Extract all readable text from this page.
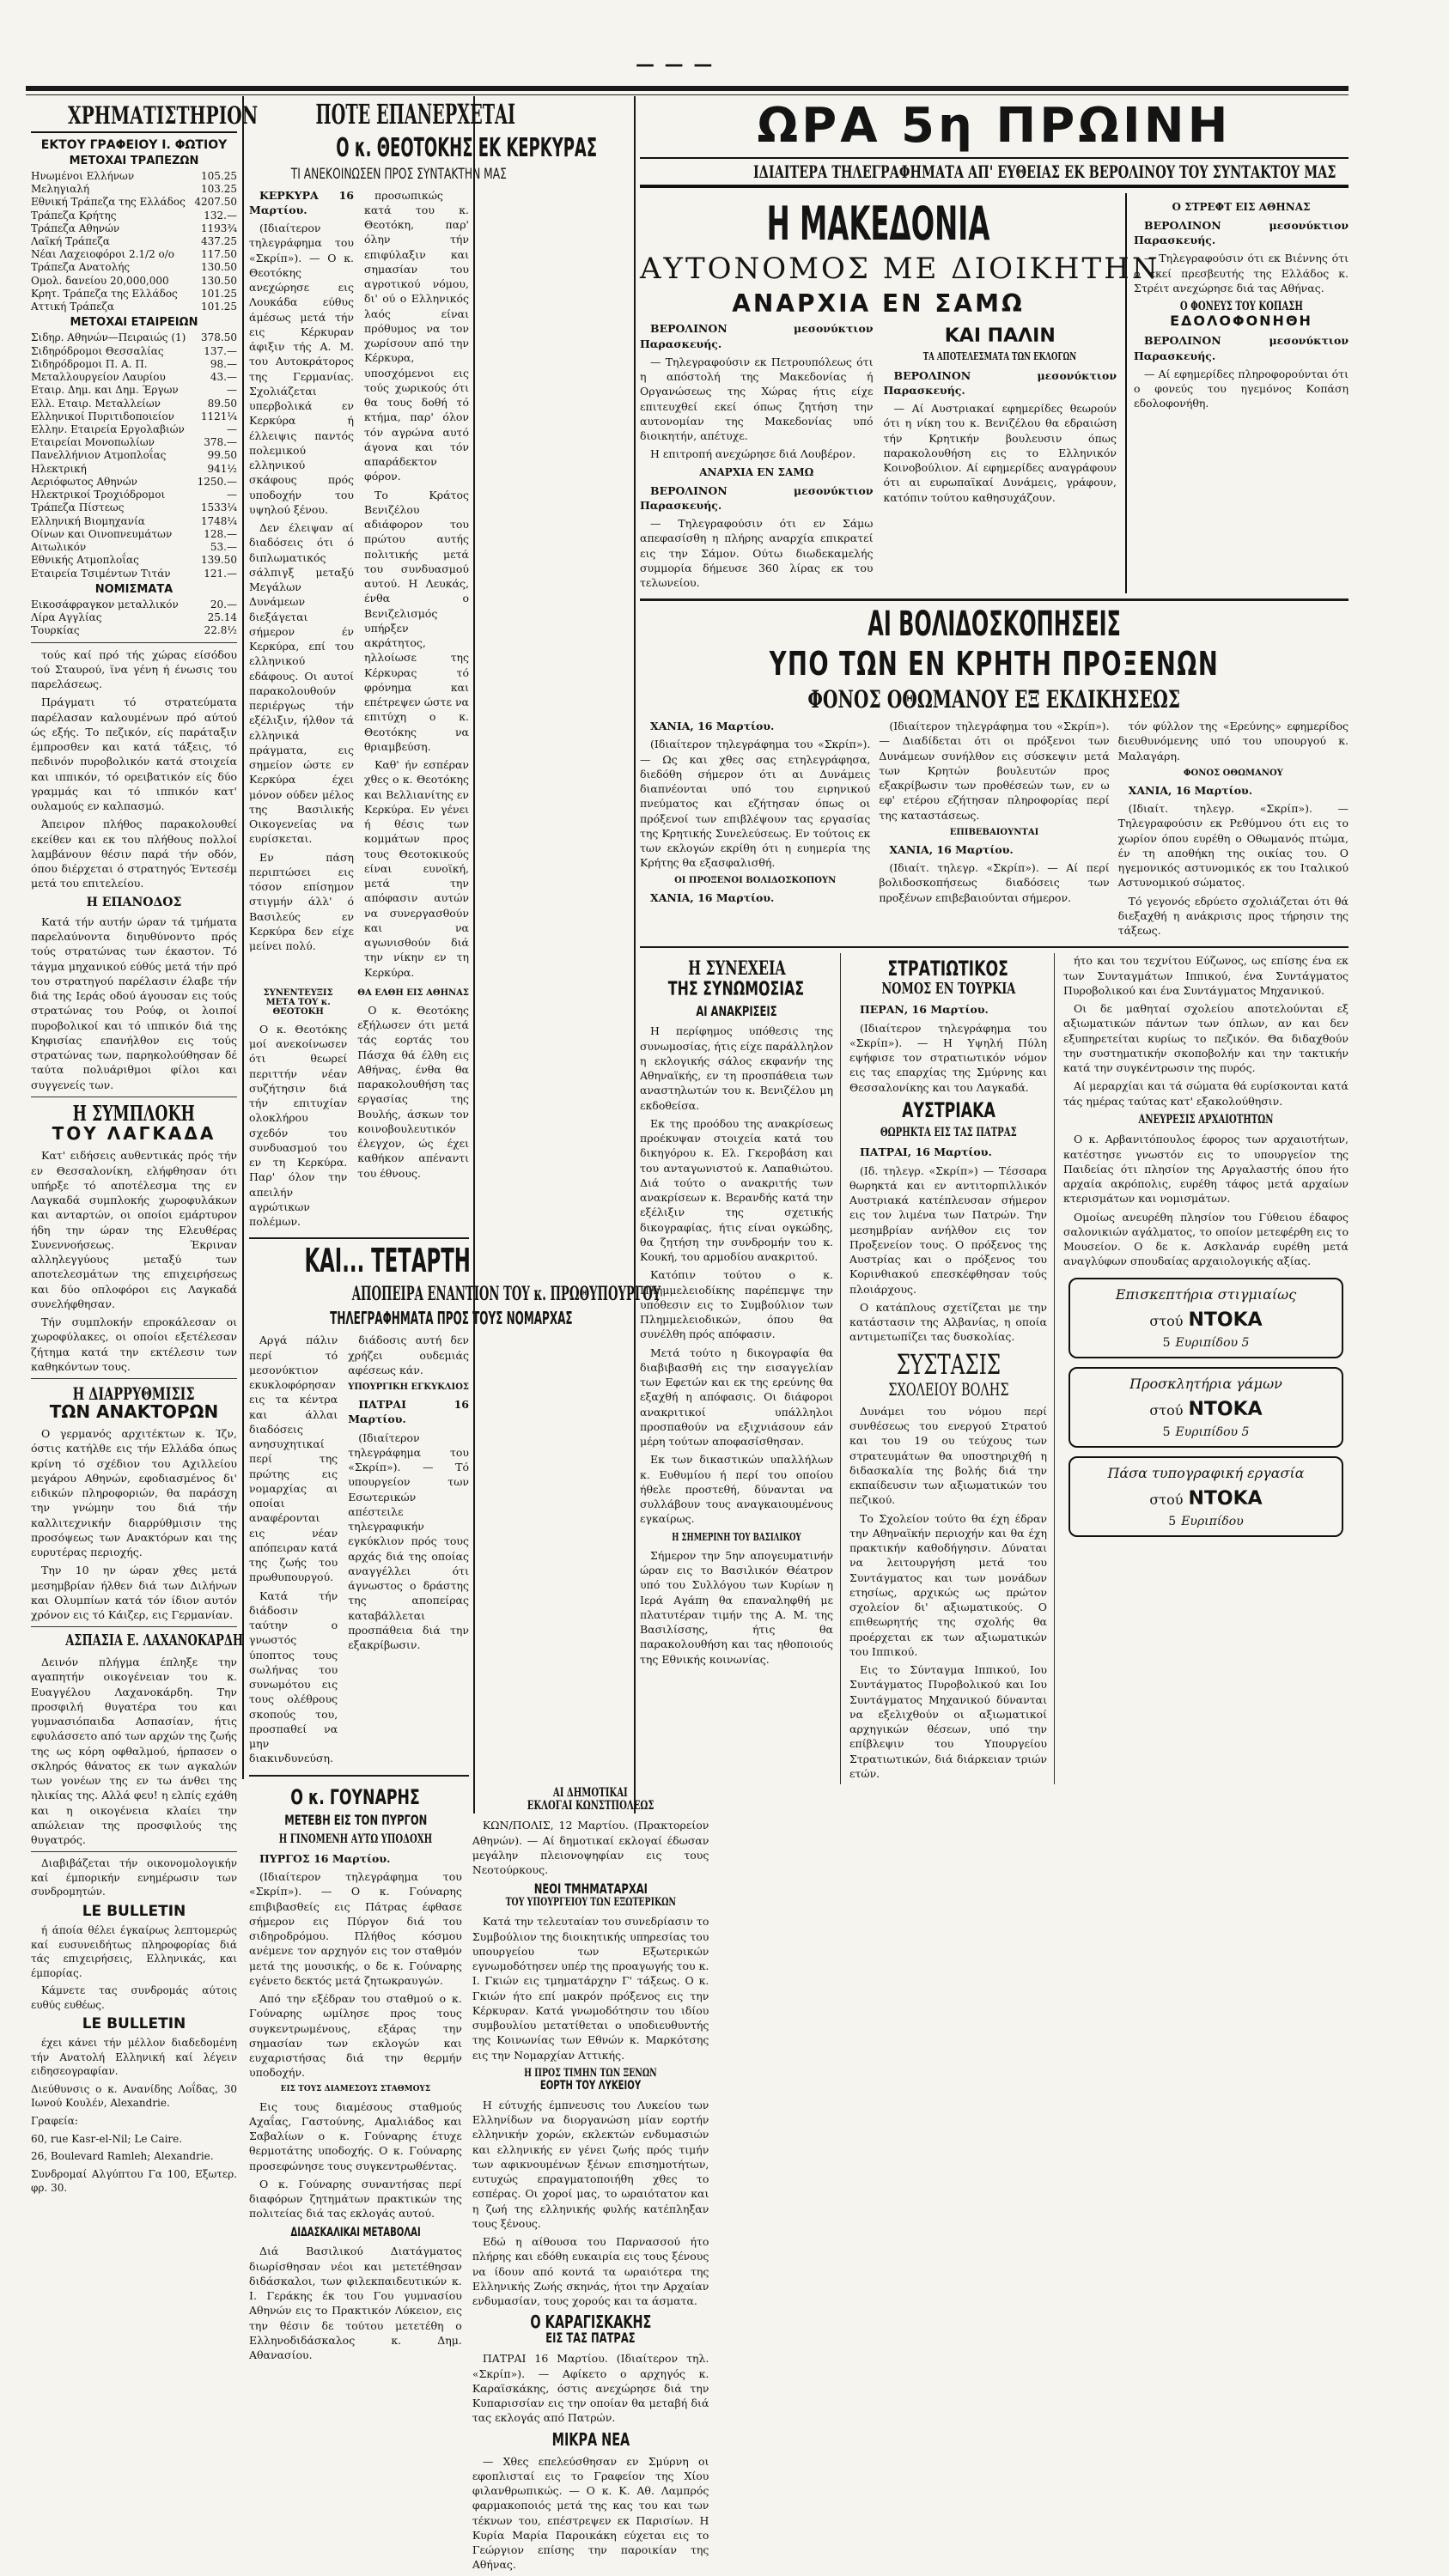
— — —
ΧΡΗΜΑΤΙΣΤΗΡΙΟΝ
ΕΚΤΟΥ ΓΡΑΦΕΙΟΥ Ι. ΦΩΤΙΟΥ
ΜΕΤΟΧΑΙ ΤΡΑΠΕΖΩΝ
Ηνωμένοι Ελλήνων	105.25
Μεληγιαλή	103.25
Εθνική Τράπεζα της Ελλάδος 4207.50
Τράπεζα Κρήτης	132.—
Τράπεζα Αθηνών	1193¾
Λαϊκή Τράπεζα	437.25
Νέαι Λαχειοφόροι 2.1/2 ο/ο	117.50
Τράπεζα Ανατολής	130.50
Ομολ. δανείου 20,000,000	130.50
Κρητ. Τράπεζα της Ελλάδος 101.25
Αττική Τράπεζα	101.25
ΜΕΤΟΧΑΙ ΕΤΑΙΡΕΙΩΝ
Σιδηρ. Αθηνών—Πειραιώς (1) 378.50
Σιδηρόδρομοι Θεσσαλίας	137.—
Σιδηρόδρομοι Π. Α. Π.	98.—
Μεταλλουργείον Λαυρίου	43.—
Εταιρ. Δημ. και Δημ. Έργων	—
Ελλ. Εταιρ. Μεταλλείων	89.50
Ελληνικοί Πυριτιδοποιείον	1121¼
Ελλην. Εταιρεία Εργολαβιών	—
Εταιρείαι Μονοπωλίων	378.—
Πανελλήνιον Ατμοπλοΐας	99.50
Ηλεκτρική	941½
Αεριόφωτος Αθηνών	1250.—
Ηλεκτρικοί Τροχιόδρομοι	—
Τράπεζα Πίστεως	1533¼
Ελληνική Βιομηχανία	1748¼
Οίνων και Οινοπνευμάτων	128.—
Αιτωλικόν	53.—
Εθνικής Ατμοπλοΐας	139.50
Εταιρεία Τσιμέντων Τιτάν	121.—
ΝΟΜΙΣΜΑΤΑ
Εικοσάφραγκον μεταλλικόν	20.—
Λίρα Αγγλίας	25.14
Τουρκίας	22.8½

τούς καί πρό τής χώρας είσόδου τού Σταυρού, ϊνα γένη ή ένωσις του παρελάσεως.

Πράγματι τό στρατεύματα παρέλασαν καλουμένων πρό αύτού ώς εξής. Το πεζικόν, είς παράταξιν έμπροσθεν και κατά τάξεις, τό πεδινόν πυροβολικόν κατά στοιχεία και ιππικόν, τό ορειβατικόν είς δύο γραμμάς και τό ιππικόν κατ' ουλαμούς εν καλπασμώ.

Άπειρον πλήθος παρακολουθεί εκείθεν και εκ του πλήθους πολλοί λαμβάνουν θέσιν παρά τήν οδόν, όπου διέρχεται ό στρατηγός Έντεσέμ μετά του επιτελείου.

Η ΕΠΑΝΟΔΟΣ

Κατά τήν αυτήν ώραν τά τμήματα παρελαύνοντα διηυθύνοντο πρός τούς στρατώνας των έκαστον. Τό τάγμα μηχανικού εύθύς μετά τήν πρό του στρατηγού παρέλασιν έλαβε τήν διά της Ιεράς οδού άγουσαν εις τούς στρατώνας του Ρούφ, οι λοιποί πυροβολικοί και τό ιππικόν διά της Κηφισίας επανήλθον εις τούς στρατώνας των, παρηκολούθησαν δέ ταύτα πολυάριθμοι φίλοι και συγγενείς των.

Η ΣΥΜΠΛΟΚΗ
ΤΟΥ ΛΑΓΚΑΔΑ

Κατ' ειδήσεις αυθεντικάς πρός τήν εν Θεσσαλονίκη, ελήφθησαν ότι υπήρξε τό αποτέλεσμα της εν Λαγκαδά συμπλοκής χωροφυλάκων και ανταρτών, οι οποίοι εμάρτυρον ήδη την ώραν της Ελευθέρας Συνεννοήσεως. Έκριναν αλληλεγγύους μεταξύ των αποτελεσμάτων της επιχειρήσεως και δύο οπλοφόροι εις Λαγκαδά συνελήφθησαν.

Τήν συμπλοκήν επροκάλεσαν οι χωροφύλακες, οι οποίοι εξετέλεσαν ζήτημα κατά την εκτέλεσιν των καθηκόντων τους.

Η ΔΙΑΡΡΥΘΜΙΣΙΣ
ΤΩΝ ΑΝΑΚΤΟΡΩΝ

Ο γερμανός αρχιτέκτων κ. Ίζν, όστις κατήλθε εις τήν Ελλάδα όπως κρίνη τό σχέδιον του Αχιλλείου μεγάρου Αθηνών, εφοδιασμένος δι' ειδικών πληροφοριών, θα παράσχη την γνώμην του διά τήν καλλιτεχνικήν διαρρύθμισιν της προσόψεως των Ανακτόρων και της ευρυτέρας περιοχής.

Την 10 ην ώραν χθες μετά μεσημβρίαν ήλθεν διά των Διλήνων και Ολυμπίων κατά τόν ίδιον αυτόν χρόνον εις τό Κάιζερ, εις Γερμανίαν.

ΑΣΠΑΣΙΑ Ε. ΛΑΧΑΝΟΚΑΡΔΗ

Δεινόν πλήγμα έπληξε την αγαπητήν οικογένειαν του κ. Ευαγγέλου Λαχανοκάρδη. Την προσφιλή θυγατέρα του και γυμνασιόπαιδα Ασπασίαν, ήτις εφυλάσσετο από των αρχών της ζωής της ως κόρη οφθαλμού, ήρπασεν ο σκληρός θάνατος εκ των αγκαλών των γονέων της εν τω άνθει της ηλικίας της. Αλλά φευ! η ελπίς εχάθη και η οικογένεια κλαίει την απώλειαν της προσφιλούς της θυγατρός.

Διαβιβάζεται τήν οικονομολογικήν καί έμπορικήν ενημέρωσιν των συνδρομητών.

LE BULLETIN

ή άποία θέλει έγκαίρως λεπτομερώς καί ευσυνειδήτως πληροφορίας διά τάς επιχειρήσεις, Ελληνικάς, και έμπορίας.

Κάμνετε τας συνδρομάς αύτοις ευθύς ευθέως.

LE BULLETIN

έχει κάνει τήν μέλλον διαδεδομένη τήν Ανατολή Ελληνική καί λέγειν ειδησεογραφίαν.

Διεύθυνσις ο κ. Ανανίδης Λοΐδας, 30 Ιωνού Κουλέν, Alexandrie.

Γραφεία:

60, rue Kasr-el-Nil; Le Caire.

26, Boulevard Ramleh; Alexandrie.

Συνδρομαί Αλγύπτου Γα 100, Εξωτερ. φρ. 30.

ΠΟΤΕ ΕΠΑΝΕΡΧΕΤΑΙ
Ο κ. ΘΕΟΤΟΚΗΣ ΕΚ ΚΕΡΚΥΡΑΣ
ΤΙ ΑΝΕΚΟΙΝΩΣΕΝ ΠΡΟΣ ΣΥΝΤΑΚΤΗΝ ΜΑΣ

ΚΕΡΚΥΡΑ 16 Μαρτίου.

(Ιδιαίτερον τηλεγράφημα του «Σκρίπ»). — Ο κ. Θεοτόκης ανεχώρησε εις Λουκάδα εύθυς άμέσως μετά τήν εις Κέρκυραν άφιξιν τής Α. Μ. του Αυτοκράτορος της Γερμανίας. Σχολιάζεται υπερβολικά εν Κερκύρα ή έλλειψις παντός πολεμικού ελληνικού σκάφους πρός υποδοχήν του υψηλού ξένου.

Δεν έλειψαν αί διαδόσεις ότι ό διπλωματικός σάλπιγξ μεταξύ Μεγάλων Δυνάμεων διεξάγεται σήμερον έν Κερκύρα, επί του ελληνικού εδάφους. Οι αυτοί παρακολουθούν περιέργως τήν εξέλιξιν, ήλθον τά ελληνικά πράγματα, εις σημείον ώστε εν Κερκύρα έχει μόνον ούδεν μέλος της Βασιλικής Οικογενείας να ευρίσκεται.

Εν πάση περιπτώσει εις τόσον επίσημον στιγμήν άλλ' ό Βασιλεύς εν Κερκύρα δεν είχε μείνει πολύ.

προσωπικώς κατά του κ. Θεοτόκη, παρ' όλην τήν επιφύλαξιν και σημασίαν του αγροτικού νόμου, δι' ού ο Ελληνικός λαός είναι πρόθυμος να τον χωρίσουν από την Κέρκυρα, υποσχόμενοι εις τούς χωρικούς ότι θα τους δοθή τό κτήμα, παρ' όλον τόν αγρώνα αυτό άγονα και τόν απαράδεκτον φόρον.

Το Κράτος Βενιζέλου αδιάφορον του πρώτου αυτής πολιτικής μετά του συνδυασμού αυτού. Η Λευκάς, ένθα ο Βενιζελισμός υπήρξεν ακράτητος, ηλλοίωσε της Κέρκυρας τό φρόνημα και επέτρεψεν ώστε να επιτύχη ο κ. Θεοτόκης να θριαμβεύση.

Καθ' ήν εσπέραν χθες ο κ. Θεοτόκης και Βελλιανίτης εν Κερκύρα. Εν γένει ή θέσις των κομμάτων προς τους Θεοτοκικούς είναι ευνοϊκή, μετά την απόφασιν αυτών να συνεργασθούν και να αγωνισθούν διά την νίκην εν τη Κερκύρα.

ΣΥΝΕΝΤΕΥΞΙΣ ΜΕΤΑ ΤΟΥ κ. ΘΕΟΤΟΚΗ

Ο κ. Θεοτόκης μοί ανεκοίνωσεν ότι θεωρεί περιττήν νέαν συζήτησιν διά τήν επιτυχίαν ολοκλήρου σχεδόν του συνδυασμού του εν τη Κερκύρα. Παρ' όλον την απειλήν αγρώτικων πολέμων.

ΘΑ ΕΛΘΗ ΕΙΣ ΑΘΗΝΑΣ

Ο κ. Θεοτόκης εξήλωσεν ότι μετά τάς εορτάς του Πάσχα θά έλθη εις Αθήνας, ένθα θα παρακολουθήση τας εργασίας της Βουλής, άσκων τον κοινοβουλευτικόν έλεγχον, ώς έχει καθήκον απέναντι του έθνους.

ΚΑΙ... ΤΕΤΑΡΤΗ
ΑΠΟΠΕΙΡΑ ΕΝΑΝΤΙΟΝ ΤΟΥ κ. ΠΡΩΘΥΠΟΥΡΓΟΥ
ΤΗΛΕΓΡΑΦΗΜΑΤΑ ΠΡΟΣ ΤΟΥΣ ΝΟΜΑΡΧΑΣ

Αργά πάλιν περί τό μεσονύκτιον εκυκλοφόρησαν εις τα κέντρα και άλλαι διαδόσεις ανησυχητικαί περί της πρώτης εις νομαρχίας αι οποίαι αναφέρονται εις νέαν απόπειραν κατά της ζωής του πρωθυπουργού.

Κατά τήν διάδοσιν ταύτην ο γνωστός ύποπτος τους σωλήνας του συνωμότου εις τους ολέθρους σκοπούς του, προσπαθεί να μην διακινδυνεύση.

διάδοσις αυτή δεν χρήζει ουδεμιάς αφέσεως κάν.

ΥΠΟΥΡΓΙΚΗ ΕΓΚΥΚΛΙΟΣ

ΠΑΤΡΑΙ 16 Μαρτίου.

(Ιδιαίτερον τηλεγράφημα του «Σκρίπ»). — Τό υπουργείον των Εσωτερικών απέστειλε τηλεγραφικήν εγκύκλιον πρός τους αρχάς διά της οποίας αναγγέλλει ότι άγνωστος ο δράστης της αποπείρας καταβάλλεται προσπάθεια διά την εξακρίβωσιν.

Ο κ. ΓΟΥΝΑΡΗΣ
ΜΕΤΕΒΗ ΕΙΣ ΤΟΝ ΠΥΡΓΟΝ
Η ΓΙΝΟΜΕΝΗ ΑΥΤΩ ΥΠΟΔΟΧΗ

ΠΥΡΓΟΣ 16 Μαρτίου.

(Ιδιαίτερον τηλεγράφημα του «Σκρίπ»). — Ο κ. Γούναρης επιβιβασθείς εις Πάτρας έφθασε σήμερον εις Πύργον διά του σιδηροδρόμου. Πλήθος κόσμου ανέμενε τον αρχηγόν εις τον σταθμόν μετά της μουσικής, ο δε κ. Γούναρης εγένετο δεκτός μετά ζητωκραυγών.

Από την εξέδραν του σταθμού ο κ. Γούναρης ωμίλησε προς τους συγκεντρωμένους, εξάρας την σημασίαν των εκλογών και ευχαριστήσας διά την θερμήν υποδοχήν.

ΕΙΣ ΤΟΥΣ ΔΙΑΜΕΣΟΥΣ ΣΤΑΘΜΟΥΣ

Εις τους διαμέσους σταθμούς Αχαΐας, Γαστούνης, Αμαλιάδος και Σαβαλίων ο κ. Γούναρης έτυχε θερμοτάτης υποδοχής. Ο κ. Γούναρης προσεφώνησε τους συγκεντρωθέντας.

Ο κ. Γούναρης συναντήσας περί διαφόρων ζητημάτων πρακτικών της πολιτείας διά τας εκλογάς αυτού.

ΔΙΔΑΣΚΑΛΙΚΑΙ ΜΕΤΑΒΟΛΑΙ

Διά Βασιλικού Διατάγματος διωρίσθησαν νέοι και μετετέθησαν διδάσκαλοι, των φιλεκπαιδευτικών κ. Ι. Γεράκης έκ του Γου γυμνασίου Αθηνών εις το Πρακτικόν Λύκειον, εις την θέσιν δε τούτου μετετέθη ο Ελληνοδιδάσκαλος κ. Δημ. Αθανασίου.

ΑΙ ΔΗΜΟΤΙΚΑΙ
ΕΚΛΟΓΑΙ ΚΩΝΣΤΠΟΛΕΩΣ

ΚΩΝ/ΠΟΛΙΣ, 12 Μαρτίου. (Πρακτορείον Αθηνών). — Αί δημοτικαί εκλογαί έδωσαν μεγάλην πλειονοψηφίαν εις τους Νεοτούρκους.

ΝΕΟΙ ΤΜΗΜΑΤΑΡΧΑΙ
ΤΟΥ ΥΠΟΥΡΓΕΙΟΥ ΤΩΝ ΕΞΩΤΕΡΙΚΩΝ

Κατά την τελευταίαν του συνεδρίασιν το Συμβούλιον της διοικητικής υπηρεσίας του υπουργείου των Εξωτερικών εγνωμοδότησεν υπέρ της προαγωγής του κ. Ι. Γκιών εις τμηματάρχην Γ' τάξεως. Ο κ. Γκιών ήτο επί μακρόν πρόξενος εις την Κέρκυραν. Κατά γνωμοδότησιν του ιδίου συμβουλίου μετατίθεται ο υποδιευθυντής της Κοινωνίας των Εθνών κ. Μαρκότσης εις την Νομαρχίαν Αττικής.

Η ΠΡΟΣ ΤΙΜΗΝ ΤΩΝ ΞΕΝΩΝ
ΕΟΡΤΗ ΤΟΥ ΛΥΚΕΙΟΥ

Η εύτυχής έμπνευσις του Λυκείου των Ελληνίδων να διοργανώση μίαν εορτήν ελληνικήν χορών, εκλεκτών ενδυμασιών και ελληνικής εν γένει ζωής πρός τιμήν των αφικνουμένων ξένων επισημοτήτων, ευτυχώς επραγματοποιήθη χθες το εσπέρας. Οι χοροί μας, το ωραιότατον και η ζωή της ελληνικής φυλής κατέπληξαν τους ξένους.

Εδώ η αίθουσα του Παρνασσού ήτο πλήρης και εδόθη ευκαιρία εις τους ξένους να ίδουν από κοντά τα ωραιότερα της Ελληνικής Ζωής σκηνάς, ήτοι την Αρχαίαν ενδυμασίαν, τους χορούς και τα άσματα.

Ο ΚΑΡΑΓΙΣΚΑΚΗΣ
ΕΙΣ ΤΑΣ ΠΑΤΡΑΣ

ΠΑΤΡΑΙ 16 Μαρτίου. (Ιδιαίτερον τηλ. «Σκρίπ»). — Αφίκετο ο αρχηγός κ. Καραϊσκάκης, όστις ανεχώρησε διά την Κυπαρισσίαν εις την οποίαν θα μεταβή διά τας εκλογάς από Πατρών.

ΜΙΚΡΑ ΝΕΑ

— Χθες επελεύσθησαν εν Σμύρνη οι εφοπλισταί εις το Γραφείον της Χίου φιλανθρωπικώς. — Ο κ. Κ. Αθ. Λαμπρός φαρμακοποιός μετά της κας του και των τέκνων του, επέστρεψεν εκ Παρισίων. Η Κυρία Μαρία Παροικάκη εύχεται εις το Γεώργιον επίσης την παροικίαν της Αθήνας.

ΩΡΑ 5η ΠΡΩΙΝΗ
ΙΔΙΑΙΤΕΡΑ ΤΗΛΕΓΡΑΦΗΜΑΤΑ ΑΠ' ΕΥΘΕΙΑΣ ΕΚ ΒΕΡΟΛΙΝΟΥ ΤΟΥ ΣΥΝΤΑΚΤΟΥ ΜΑΣ
Η ΜΑΚΕΔΟΝΙΑ
ΑΥΤΟΝΟΜΟΣ ΜΕ ΔΙΟΙΚΗΤΗΝ
ΑΝΑΡΧΙΑ ΕΝ ΣΑΜΩ

ΒΕΡΟΛΙΝΟΝ μεσονύκτιον Παρασκευής.

— Τηλεγραφούσιν εκ Πετρουπόλεως ότι η απόστολή της Μακεδονίας ή Οργανώσεως της Χώρας ήτις είχε επιτευχθεί εκεί όπως ζητήση την αυτονομίαν της Μακεδονίας υπό διοικητήν, απέτυχε.

Η επιτροπή ανεχώρησε διά Λουβέρον.

ΑΝΑΡΧΙΑ ΕΝ ΣΑΜΩ

ΒΕΡΟΛΙΝΟΝ μεσονύκτιον Παρασκευής.

— Τηλεγραφούσιν ότι εν Σάμω απεφασίσθη η πλήρης αναρχία επικρατεί εις την Σάμον. Ούτω διωδεκαμελής συμμορία δήμευσε 360 λίρας εκ του τελωνείου.

ΚΑΙ ΠΑΛΙΝ
ΤΑ ΑΠΟΤΕΛΕΣΜΑΤΑ ΤΩΝ ΕΚΛΟΓΩΝ

ΒΕΡΟΛΙΝΟΝ μεσονύκτιον Παρασκευής.

— Αί Αυστριακαί εφημερίδες θεωρούν ότι η νίκη του κ. Βενιζέλου θα εδραιώση τήν Κρητικήν βουλευσιν όπως παρακολουθήση εις το Ελληνικόν Κοινοβούλιον. Αί εφημερίδες αναγράφουν ότι αι ευρωπαϊκαί Δυνάμεις, γράφουν, κατόπιν τούτου καθησυχάζουν.

Ο ΣΤΡΕΦΤ ΕΙΣ ΑΘΗΝΑΣ

ΒΕΡΟΛΙΝΟΝ μεσονύκτιον Παρασκευής.

— Τηλεγραφούσιν ότι εκ Βιέννης ότι ο εκεί πρεσβευτής της Ελλάδος κ. Στρέιτ ανεχώρησε διά τας Αθήνας.

Ο ΦΟΝΕΥΣ ΤΟΥ ΚΟΠΑΣΗ
ΕΔΟΛΟΦΟΝΗΘΗ

ΒΕΡΟΛΙΝΟΝ μεσονύκτιον Παρασκευής.

— Αί εφημερίδες πληροφορούνται ότι ο φονεύς του ηγεμόνος Κοπάση εδολοφονήθη.

ΑΙ ΒΟΛΙΔΟΣΚΟΠΗΣΕΙΣ
ΥΠΟ ΤΩΝ ΕΝ ΚΡΗΤΗ ΠΡΟΞΕΝΩΝ
ΦΟΝΟΣ ΟΘΩΜΑΝΟΥ ΕΞ ΕΚΔΙΚΗΣΕΩΣ

ΧΑΝΙΑ, 16 Μαρτίου.

(Ιδιαίτερον τηλεγράφημα του «Σκρίπ»). — Ως και χθες σας ετηλεγράφησα, διεδόθη σήμερον ότι αι Δυνάμεις διαπνέονται υπό του ειρηνικού πνεύματος και εζήτησαν όπως οι πρόξενοί των επιβλέψουν τας εργασίας της Κρητικής Συνελεύσεως. Εν τούτοις εκ των εκλογών εκρίθη ότι η ευημερία της Κρήτης θα εξασφαλισθή.

ΟΙ ΠΡΟΞΕΝΟΙ ΒΟΛΙΔΟΣΚΟΠΟΥΝ

ΧΑΝΙΑ, 16 Μαρτίου.

(Ιδιαίτερον τηλεγράφημα του «Σκρίπ»). — Διαδίδεται ότι οι πρόξενοι των Δυνάμεων συνήλθον εις σύσκεψιν μετά των Κρητών βουλευτών προς εξακρίβωσιν των προθέσεών των, εν ω εφ' ετέρου εζήτησαν πληροφορίας περί της καταστάσεως.

ΕΠΙΒΕΒΑΙΟΥΝΤΑΙ

ΧΑΝΙΑ, 16 Μαρτίου.

(Ιδιαίτ. τηλεγρ. «Σκρίπ»). — Αί περί βολιδοσκοπήσεως διαδόσεις των προξένων επιβεβαιούνται σήμερον.

τόν φύλλον της «Ερεύνης» εφημερίδος διευθυνόμενης υπό του υπουργού κ. Μαλαγάρη.

ΦΟΝΟΣ ΟΘΩΜΑΝΟΥ

ΧΑΝΙΑ, 16 Μαρτίου.

(Ιδιαίτ. τηλεγρ. «Σκρίπ»). — Τηλεγραφούσιν εκ Ρεθύμνου ότι εις το χωρίον όπου ευρέθη ο Οθωμανός πτώμα, έν τη αποθήκη της οικίας του. Ο ηγεμονικός αστυνομικός εκ του Ιταλικού Αστυνομικού σώματος.

Τό γεγονός εδρύετο σχολιάζεται ότι θά διεξαχθή η ανάκρισις προς τήρησιν της τάξεως.

Η ΣΥΝΕΧΕΙΑ
ΤΗΣ ΣΥΝΩΜΟΣΙΑΣ
ΑΙ ΑΝΑΚΡΙΣΕΙΣ

Η περίφημος υπόθεσις της συνωμοσίας, ήτις είχε παράλληλον η εκλογικής σάλος εκφανήν της Αθηναϊκής, εν τη προσπάθεια των αναστηλωτών του κ. Βενιζέλου μη εκδοθείσα.

Εκ της προόδου της ανακρίσεως προέκυψαν στοιχεία κατά του δικηγόρου κ. Ελ. Γκεροβάση και του ανταγωνιστού κ. Λαπαθιώτου. Διά τούτο ο ανακριτής των ανακρίσεων κ. Βερανδής κατά την εξέλιξιν της σχετικής δικογραφίας, ήτις είναι ογκώδης, θα ζητήση την συνδρομήν του κ. Κουκή, του αρμοδίου ανακριτού.

Κατόπιν τούτου ο κ. Πλημμελειοδίκης παρέπεμψε την υπόθεσιν εις το Συμβούλιον των Πλημμελειοδικών, όπου θα συνέλθη πρός απόφασιν.

Μετά τούτο η δικογραφία θα διαβιβασθή εις την εισαγγελίαν των Εφετών και εκ της ερεύνης θα εξαχθή η απόφασις. Οι διάφοροι ανακριτικοί υπάλληλοι προσπαθούν να εξιχνιάσουν εάν μέρη τούτων αποφασίσθησαν.

Εκ των δικαστικών υπαλλήλων κ. Ευθυμίου ή περί του οποίου ήθελε προστεθή, δύνανται να συλλάβουν τους αναγκαιουμένους εγκαίρως.

Η ΣΗΜΕΡΙΝΗ ΤΟΥ ΒΑΣΙΛΙΚΟΥ

Σήμερον την 5ην απογευματινήν ώραν εις το Βασιλικόν Θέατρον υπό του Συλλόγου των Κυρίων η Ιερά Αγάπη θα επαναληφθή με πλατυτέραν τιμήν της Α. Μ. της Βασιλίσσης, ήτις θα παρακολουθήση και τας ηθοποιούς της Εθνικής κοινωνίας.

ΣΤΡΑΤΙΩΤΙΚΟΣ
ΝΟΜΟΣ ΕΝ ΤΟΥΡΚΙΑ

ΠΕΡΑΝ, 16 Μαρτίου.

(Ιδιαίτερον τηλεγράφημα του «Σκρίπ»). — Η Υψηλή Πύλη εψήφισε τον στρατιωτικόν νόμον εις τας επαρχίας της Σμύρνης και Θεσσαλονίκης και του Λαγκαδά.

ΑΥΣΤΡΙΑΚΑ
ΘΩΡΗΚΤΑ ΕΙΣ ΤΑΣ ΠΑΤΡΑΣ

ΠΑΤΡΑΙ, 16 Μαρτίου.

(Ιδ. τηλεγρ. «Σκρίπ») — Τέσσαρα θωρηκτά και εν αντιτορπιλλικόν Αυστριακά κατέπλευσαν σήμερον εις τον λιμένα των Πατρών. Την μεσημβρίαν ανήλθον εις τον Προξενείον τους. Ο πρόξενος της Αυστρίας και ο πρόξενος του Κορινθιακού επεσκέφθησαν τούς πλοιάρχους.

Ο κατάπλους σχετίζεται με την κατάστασιν της Αλβανίας, η οποία αντιμετωπίζει τας δυσκολίας.

ΣΥΣΤΑΣΙΣ
ΣΧΟΛΕΙΟΥ ΒΟΛΗΣ

Δυνάμει του νόμου περί συνθέσεως του ενεργού Στρατού και του 19 ου τεύχους των στρατευμάτων θα υποστηριχθή η διδασκαλία της βολής διά την εκπαίδευσιν των αξιωματικών του πεζικού.

Το Σχολείον τούτο θα έχη έδραν την Αθηναϊκήν περιοχήν και θα έχη πρακτικήν καθοδήγησιν. Δύναται να λειτουργήση μετά του Συντάγματος και των μονάδων ετησίως, αρχικώς ως πρώτον σχολείον δι' αξιωματικούς. Ο επιθεωρητής της σχολής θα προέρχεται εκ των αξιωματικών του Ιππικού.

Εις το Σύνταγμα Ιππικού, Ιου Συντάγματος Πυροβολικού και Ιου Συντάγματος Μηχανικού δύνανται να εξελιχθούν οι αξιωματικοί αρχηγικών θέσεων, υπό την επίβλεψιν του Υπουργείου Στρατιωτικών, διά διάρκειαν τριών ετών.

ήτο και του τεχνίτου Εύζωνος, ως επίσης ένα εκ των Συνταγμάτων Ιππικού, ένα Συντάγματος Πυροβολικού και ένα Συντάγματος Μηχανικού.

Οι δε μαθηταί σχολείου αποτελούνται εξ αξιωματικών πάντων των όπλων, αν και δεν εξυπηρετείται κυρίως το πεζικόν. Θα διδαχθούν την συστηματικήν σκοποβολήν και την τακτικήν κατά την συγκέντρωσιν της πυρός.

Αί μεραρχίαι και τά σώματα θά ευρίσκονται κατά τάς ημέρας ταύτας κατ' εξακολούθησιν.

ΑΝΕΥΡΕΣΙΣ ΑΡΧΑΙΟΤΗΤΩΝ

Ο κ. Αρβανιτόπουλος έφορος των αρχαιοτήτων, κατέστησε γνωστόν εις το υπουργείον της Παιδείας ότι πλησίον της Αργαλαστής όπου ήτο αρχαία ακρόπολις, ευρέθη τάφος μετά αρχαίων κτερισμάτων και νομισμάτων.

Ομοίως ανευρέθη πλησίον του Γύθειου έδαφος σαλονικιών αγάλματος, το οποίον μετεφέρθη εις το Μουσείον. Ο δε κ. Ασκλανάρ ευρέθη μετά αναγλύφων σπουδαίας αρχαιολογικής αξίας.

Επισκεπτήρια στιγμιαίως
στού ΝΤΟΚΑ
5 Ευριπίδου 5
Προσκλητήρια γάμων
στού ΝΤΟΚΑ
5 Ευριπίδου 5
Πάσα τυπογραφική εργασία
στού ΝΤΟΚΑ
5 Ευριπίδου
